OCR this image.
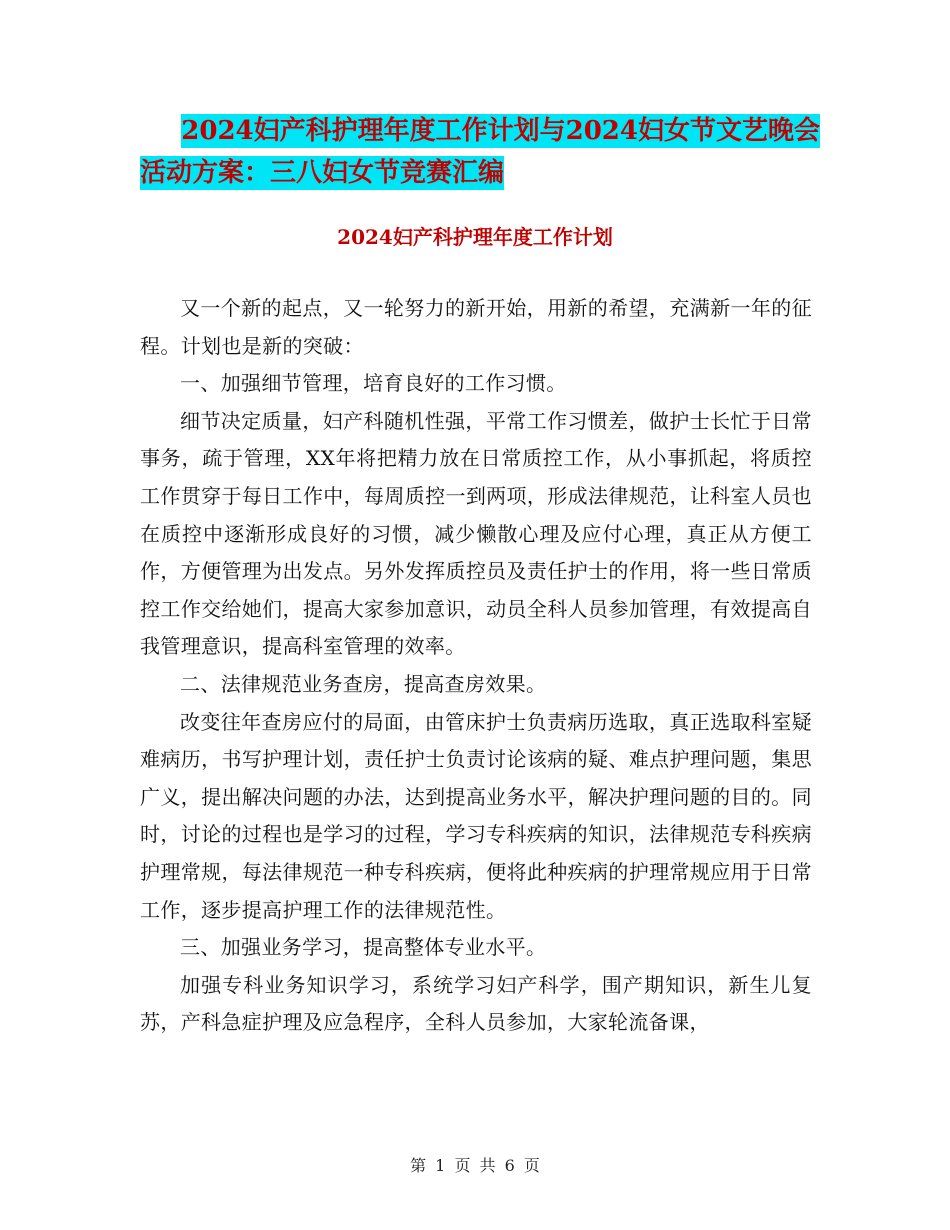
2024妇产科护理年度工作计划与2024妇女节文艺晚会
活动方案：三八妇女节竞赛汇编
2024妇产科护理年度工作计划

又一个新的起点，又一轮努力的新开始，用新的希望，充满新一年的征程。计划也是新的突破：

一、加强细节管理，培育良好的工作习惯。

细节决定质量，妇产科随机性强，平常工作习惯差，做护士长忙于日常事务，疏于管理，XX年将把精力放在日常质控工作，从小事抓起，将质控工作贯穿于每日工作中，每周质控一到两项，形成法律规范，让科室人员也在质控中逐渐形成良好的习惯，减少懒散心理及应付心理，真正从方便工作，方便管理为出发点。另外发挥质控员及责任护士的作用，将一些日常质控工作交给她们，提高大家参加意识，动员全科人员参加管理，有效提高自我管理意识，提高科室管理的效率。

二、法律规范业务查房，提高查房效果。

改变往年查房应付的局面，由管床护士负责病历选取，真正选取科室疑难病历，书写护理计划，责任护士负责讨论该病的疑、难点护理问题，集思广义，提出解决问题的办法，达到提高业务水平，解决护理问题的目的。同时，讨论的过程也是学习的过程，学习专科疾病的知识，法律规范专科疾病护理常规，每法律规范一种专科疾病，便将此种疾病的护理常规应用于日常工作，逐步提高护理工作的法律规范性。

三、加强业务学习，提高整体专业水平。

加强专科业务知识学习，系统学习妇产科学，围产期知识，新生儿复苏，产科急症护理及应急程序，全科人员参加，大家轮流备课，

第 1 页 共 6 页
